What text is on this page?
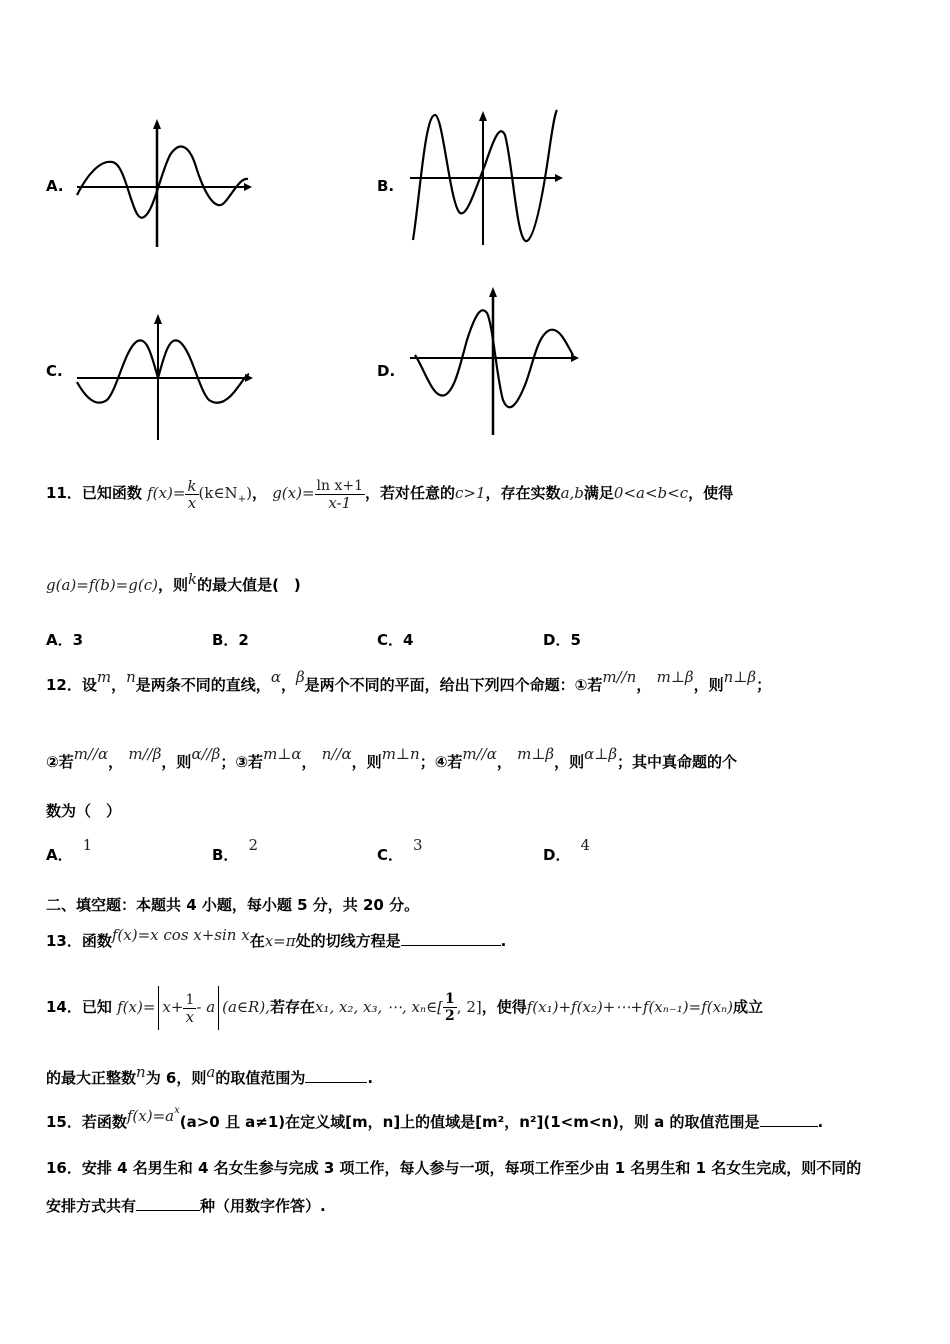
A.	B.
C.	D.
11．已知函数 $f(x)= \frac{k}{x}$ $(k\in N_+)$， $g(x)= \frac{\text{ln x+1}}{x-1}$ ，若对任意的c>1，存在实数a,b满足0<a<b<c，使得
g(a)=f(b)=g(c)，则k的最大值是(　)
A．3	B．2	C．4	D．5
12．设m，n是两条不同的直线，α，β是两个不同的平面，给出下列四个命题：①若m//n， m⊥β，则n⊥β；
②若m//α， m//β，则α//β；③若m⊥α， n//α，则m⊥n；④若m//α， m⊥β，则α⊥β；其中真命题的个
数为（　）
A．1
B．2
C．3
D．4
二、填空题：本题共 4 小题，每小题 5 分，共 20 分。
13．函数f(x)=x cos x+sin x在x=π处的切线方程是	.
14．已知 $f(x)= x+ \frac{1}{x} - a$ (a∈R),若存在x₁, x₂, x₃, ⋯, xₙ∈[ $\frac{1}{2}$ , 2]，使得f(x₁)+f(x₂)+⋯+f(xₙ₋₁)=f(xₙ)成立
的最大正整数n为 6，则a的取值范围为	.
15．若函数$f(x)=a^x(a>0$ 且 a≠1)在定义域[m，n]上的值域是[m²，n²](1<m<n)，则 a 的取值范围是	.
16．安排 4 名男生和 4 名女生参与完成 3 项工作，每人参与一项，每项工作至少由 1 名男生和 1 名女生完成，则不同的
安排方式共有	种（用数字作答）.
